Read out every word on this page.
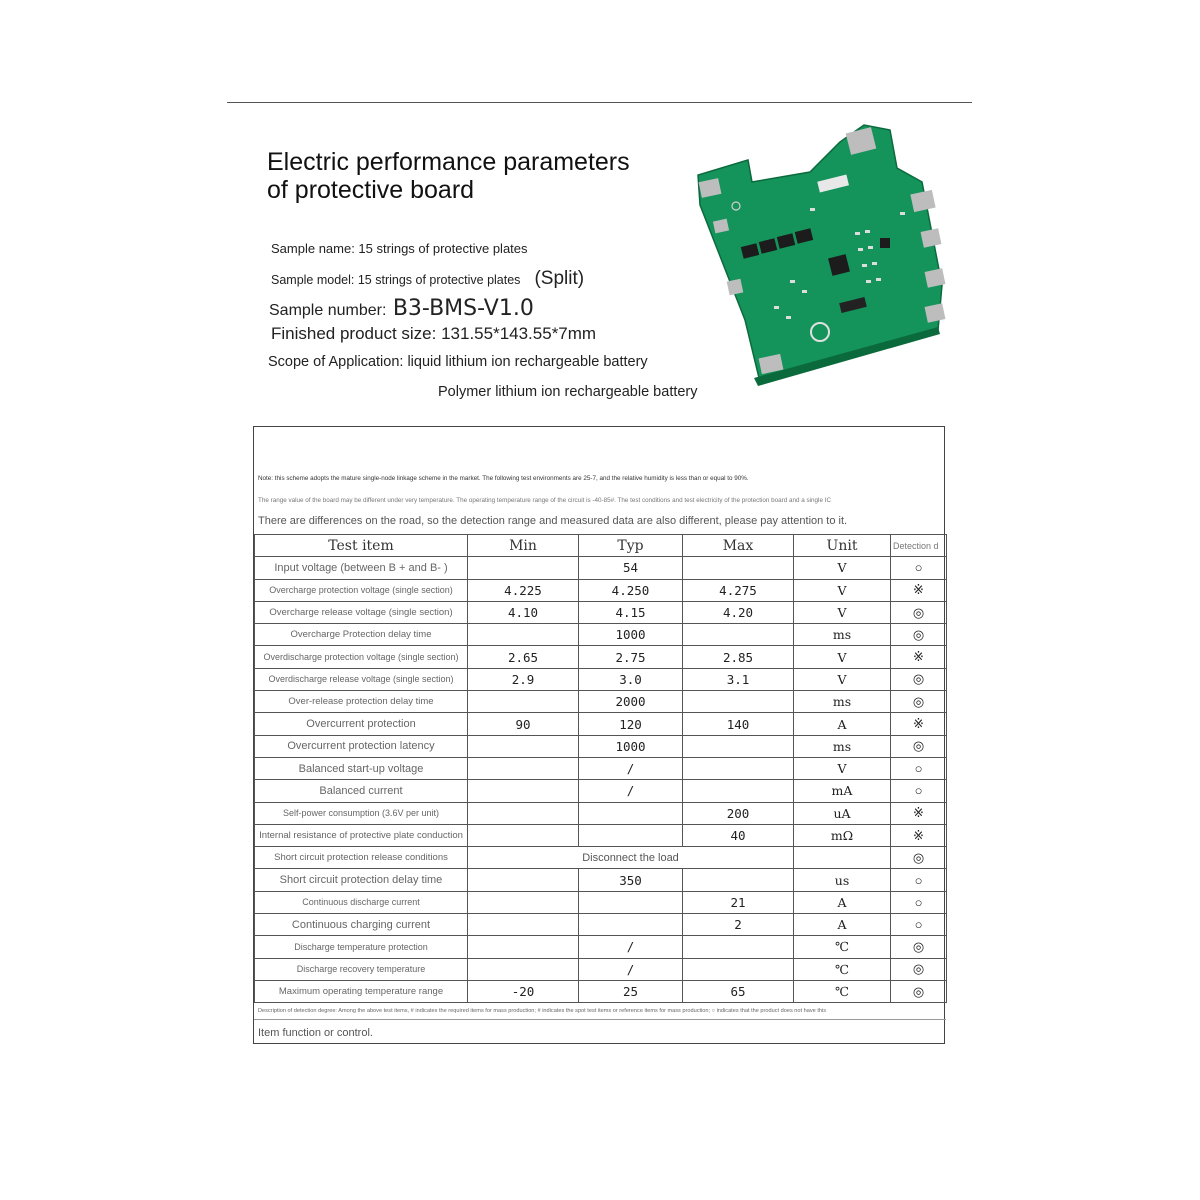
Electric performance parameters
of protective board
Sample name: 15 strings of protective plates
Sample model: 15 strings of protective plates (Split)
Sample number: B3-BMS-V1.0
Finished product size: 131.55*143.55*7mm
Scope of Application: liquid lithium ion rechargeable battery
Polymer lithium ion rechargeable battery
Note: this scheme adopts the mature single-node linkage scheme in the market. The following test environments are 25-7, and the relative humidity is less than or equal to 90%.
The range value of the board may be different under very temperature. The operating temperature range of the circuit is -40-85#. The test conditions and test electricity of the protection board and a single IC
There are differences on the road, so the detection range and measured data are also different, please pay attention to it.
Test item	Min	Typ	Max	Unit	Detection d
Input voltage (between B + and B- )		54		V	○
Overcharge protection voltage (single section)	4.225	4.250	4.275	V	※
Overcharge release voltage (single section)	4.10	4.15	4.20	V	◎
Overcharge Protection delay time		1000		ms	◎
Overdischarge protection voltage (single section)	2.65	2.75	2.85	V	※
Overdischarge release voltage (single section)	2.9	3.0	3.1	V	◎
Over-release protection delay time		2000		ms	◎
Overcurrent protection	90	120	140	A	※
Overcurrent protection latency		1000		ms	◎
Balanced start-up voltage		/		V	○
Balanced current		/		mA	○
Self-power consumption (3.6V per unit)			200	uA	※
Internal resistance of protective plate conduction			40	mΩ	※
Short circuit protection release conditions	Disconnect the load				◎
Short circuit protection delay time		350		us	○
Continuous discharge current			21	A	○
Continuous charging current			2	A	○
Discharge temperature protection		/		℃	◎
Discharge recovery temperature		/		℃	◎
Maximum operating temperature range	-20	25	65	℃	◎
Description of detection degree: Among the above test items, # indicates the required items for mass production; # indicates the spot test items or reference items for mass production; ○ indicates that the product does not have this
Item function or control.
